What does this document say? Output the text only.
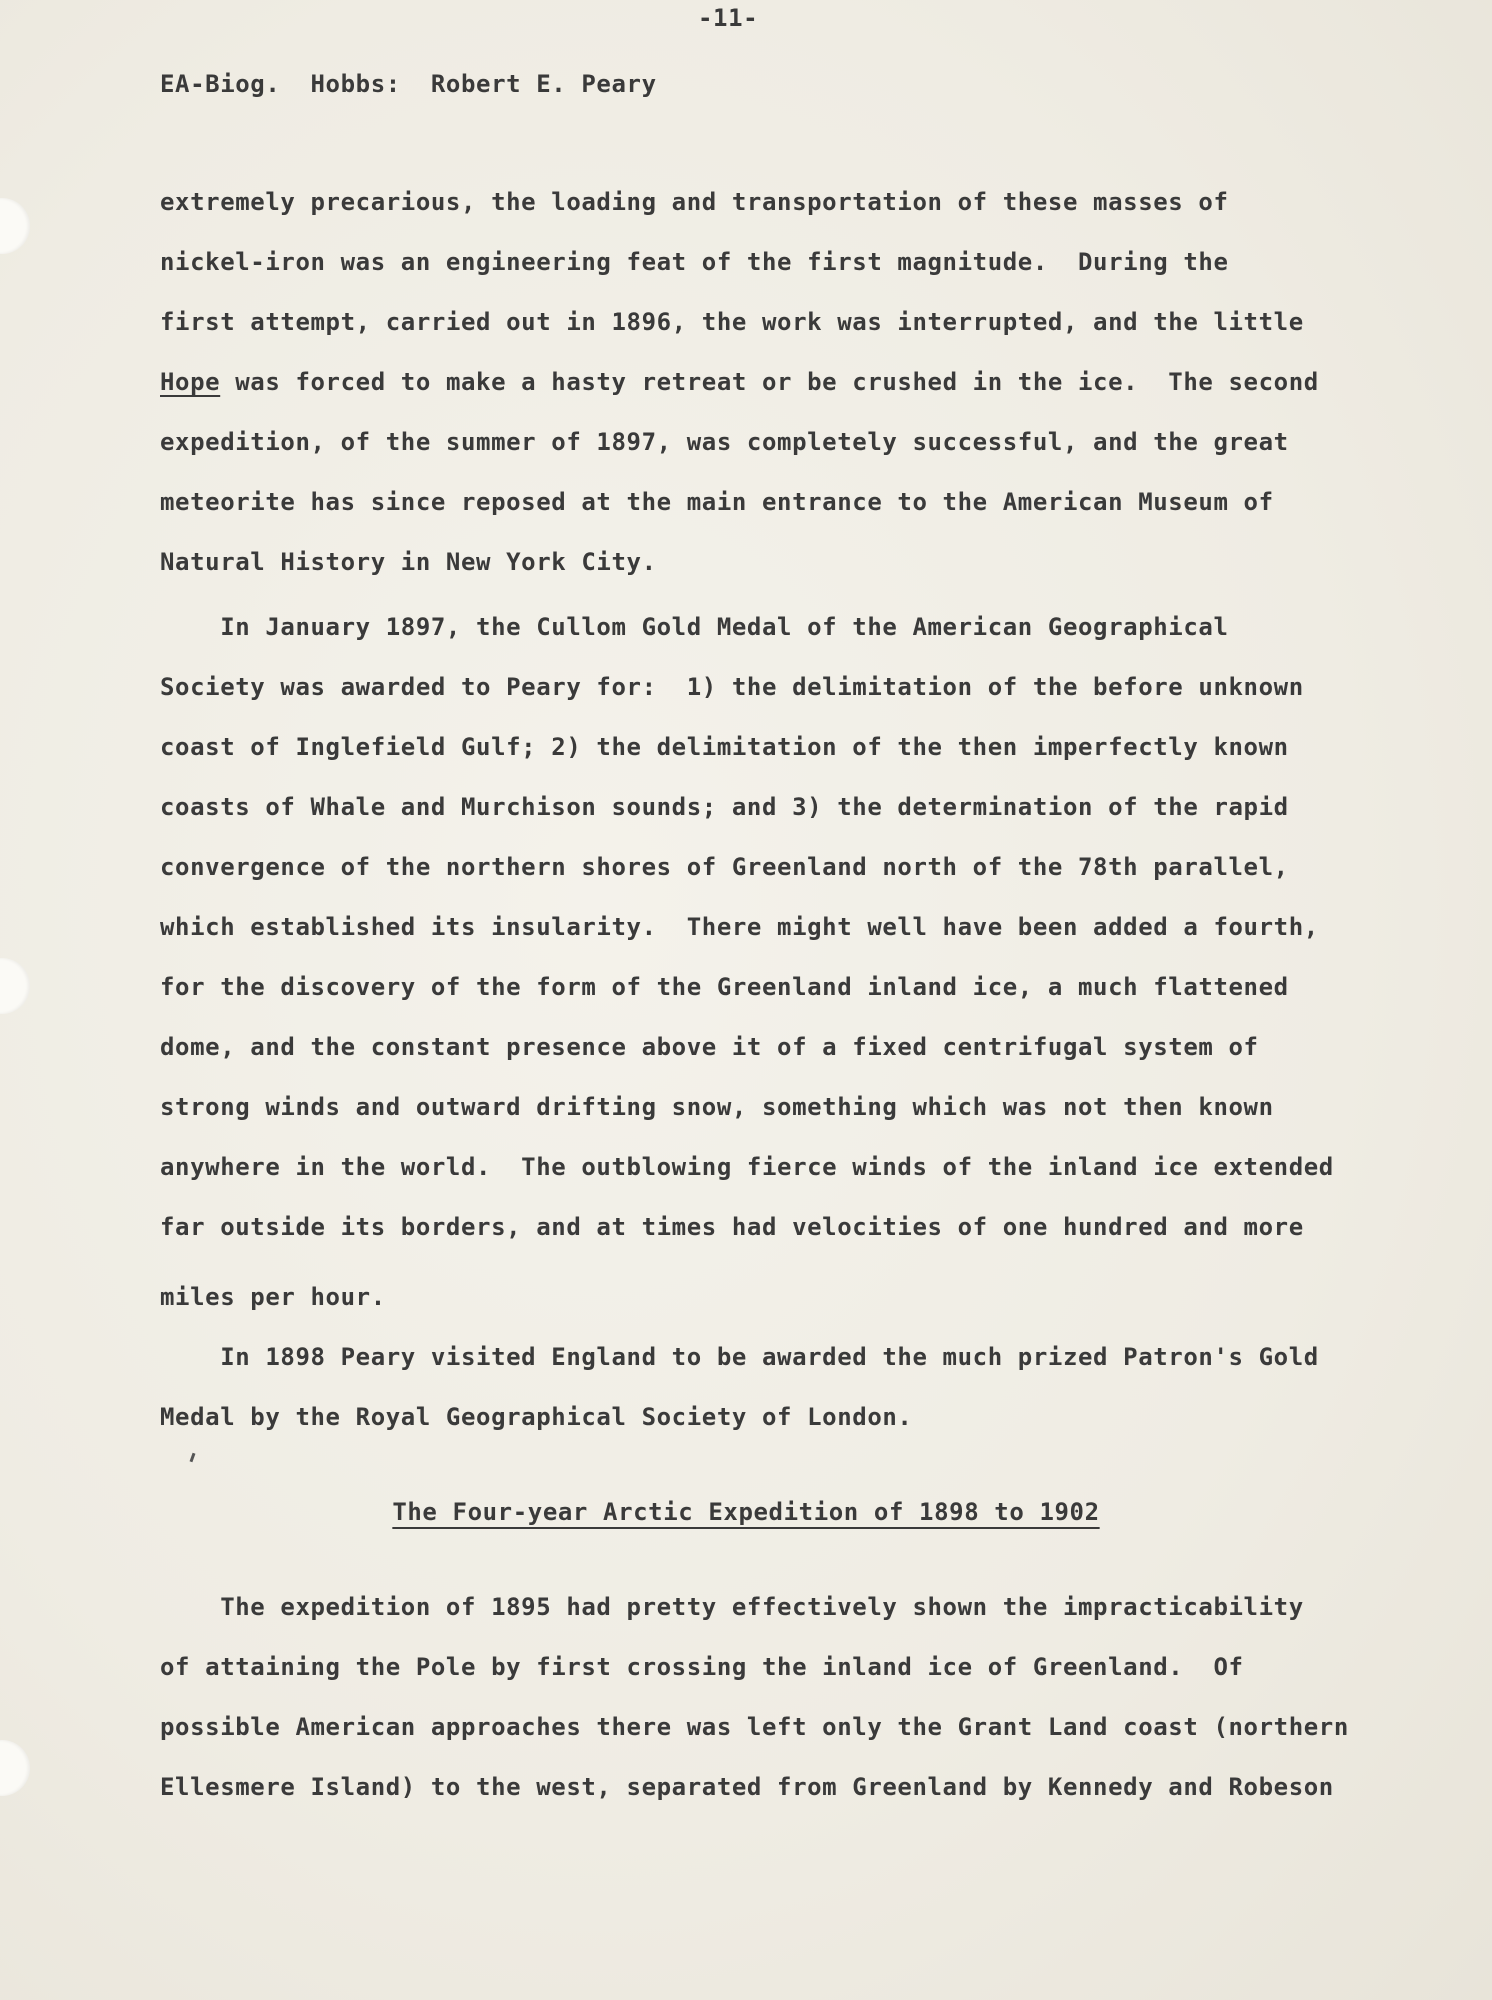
-11-
EA-Biog.  Hobbs:  Robert E. Peary
extremely precarious, the loading and transportation of these masses of
nickel-iron was an engineering feat of the first magnitude.  During the
first attempt, carried out in 1896, the work was interrupted, and the little
Hope was forced to make a hasty retreat or be crushed in the ice.  The second
expedition, of the summer of 1897, was completely successful, and the great
meteorite has since reposed at the main entrance to the American Museum of
Natural History in New York City.
In January 1897, the Cullom Gold Medal of the American Geographical
Society was awarded to Peary for:  1) the delimitation of the before unknown
coast of Inglefield Gulf; 2) the delimitation of the then imperfectly known
coasts of Whale and Murchison sounds; and 3) the determination of the rapid
convergence of the northern shores of Greenland north of the 78th parallel,
which established its insularity.  There might well have been added a fourth,
for the discovery of the form of the Greenland inland ice, a much flattened
dome, and the constant presence above it of a fixed centrifugal system of
strong winds and outward drifting snow, something which was not then known
anywhere in the world.  The outblowing fierce winds of the inland ice extended
far outside its borders, and at times had velocities of one hundred and more
miles per hour.
In 1898 Peary visited England to be awarded the much prized Patron's Gold
Medal by the Royal Geographical Society of London.
The Four-year Arctic Expedition of 1898 to 1902
The expedition of 1895 had pretty effectively shown the impracticability
of attaining the Pole by first crossing the inland ice of Greenland.  Of
possible American approaches there was left only the Grant Land coast (northern
Ellesmere Island) to the west, separated from Greenland by Kennedy and Robeson
